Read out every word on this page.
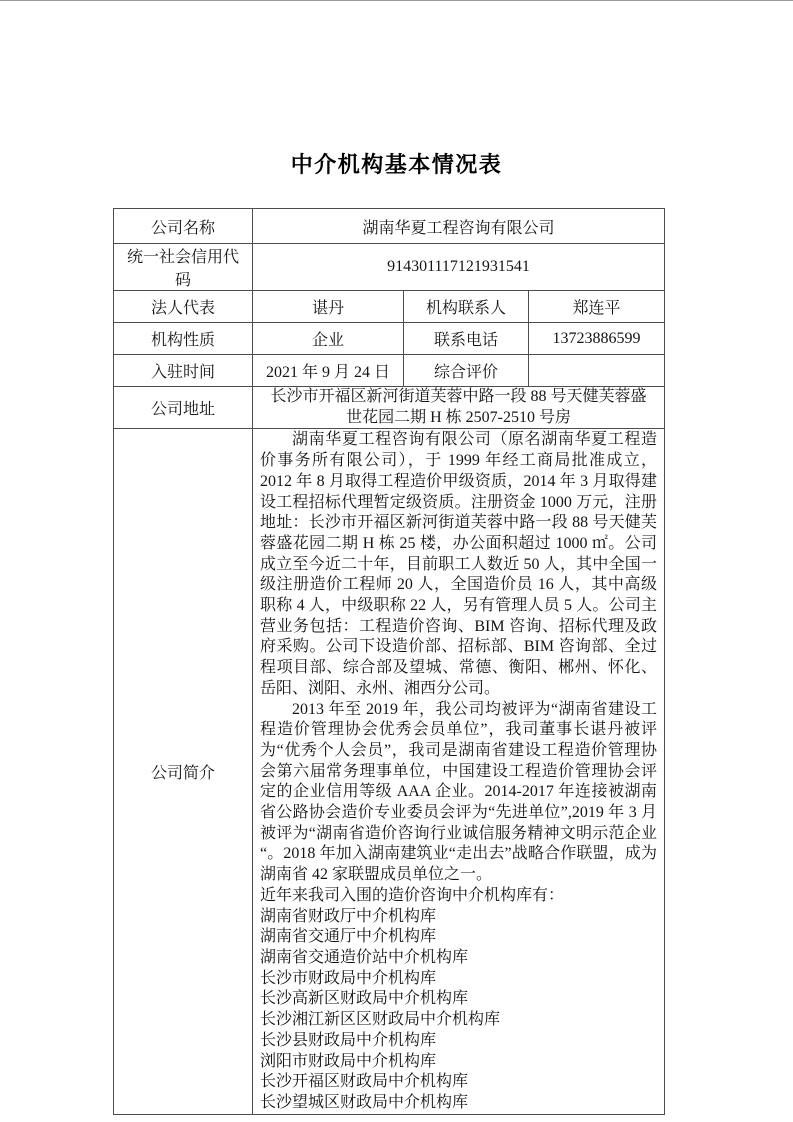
中介机构基本情况表
公司名称	湖南华夏工程咨询有限公司		
统一社会信用代码	914301117121931541		
法人代表	谌丹	机构联系人	郑连平
机构性质	企业	联系电话	13723886599
入驻时间	2021 年 9 月 24 日	综合评价	
公司地址	长沙市开福区新河街道芙蓉中路一段 88 号天健芙蓉盛世花园二期 H 栋 2507-2510 号房		
公司简介	

湖南华夏工程咨询有限公司（原名湖南华夏工程造价事务所有限公司），于 1999 年经工商局批准成立，2012 年 8 月取得工程造价甲级资质，2014 年 3 月取得建设工程招标代理暂定级资质。注册资金 1000 万元，注册地址：长沙市开福区新河街道芙蓉中路一段 88 号天健芙蓉盛花园二期 H 栋 25 楼，办公面积超过 1000 ㎡。公司成立至今近二十年，目前职工人数近 50 人，其中全国一级注册造价工程师 20 人，全国造价员 16 人，其中高级职称 4 人，中级职称 22 人，另有管理人员 5 人。公司主营业务包括：工程造价咨询、BIM 咨询、招标代理及政府采购。公司下设造价部、招标部、BIM 咨询部、全过程项目部、综合部及望城、常德、衡阳、郴州、怀化、岳阳、浏阳、永州、湘西分公司。

2013 年至 2019 年，我公司均被评为“湖南省建设工程造价管理协会优秀会员单位”，我司董事长谌丹被评为“优秀个人会员”，我司是湖南省建设工程造价管理协会第六届常务理事单位，中国建设工程造价管理协会评定的企业信用等级 AAA 企业。2014-2017 年连接被湖南省公路协会造价专业委员会评为“先进单位”,2019 年 3 月被评为“湖南省造价咨询行业诚信服务精神文明示范企业 “。2018 年加入湖南建筑业“走出去”战略合作联盟，成为湖南省 42 家联盟成员单位之一。

近年来我司入围的造价咨询中介机构库有：
湖南省财政厅中介机构库
湖南省交通厅中介机构库
湖南省交通造价站中介机构库
长沙市财政局中介机构库
长沙高新区财政局中介机构库
长沙湘江新区区财政局中介机构库
长沙县财政局中介机构库
浏阳市财政局中介机构库
长沙开福区财政局中介机构库
长沙望城区财政局中介机构库
